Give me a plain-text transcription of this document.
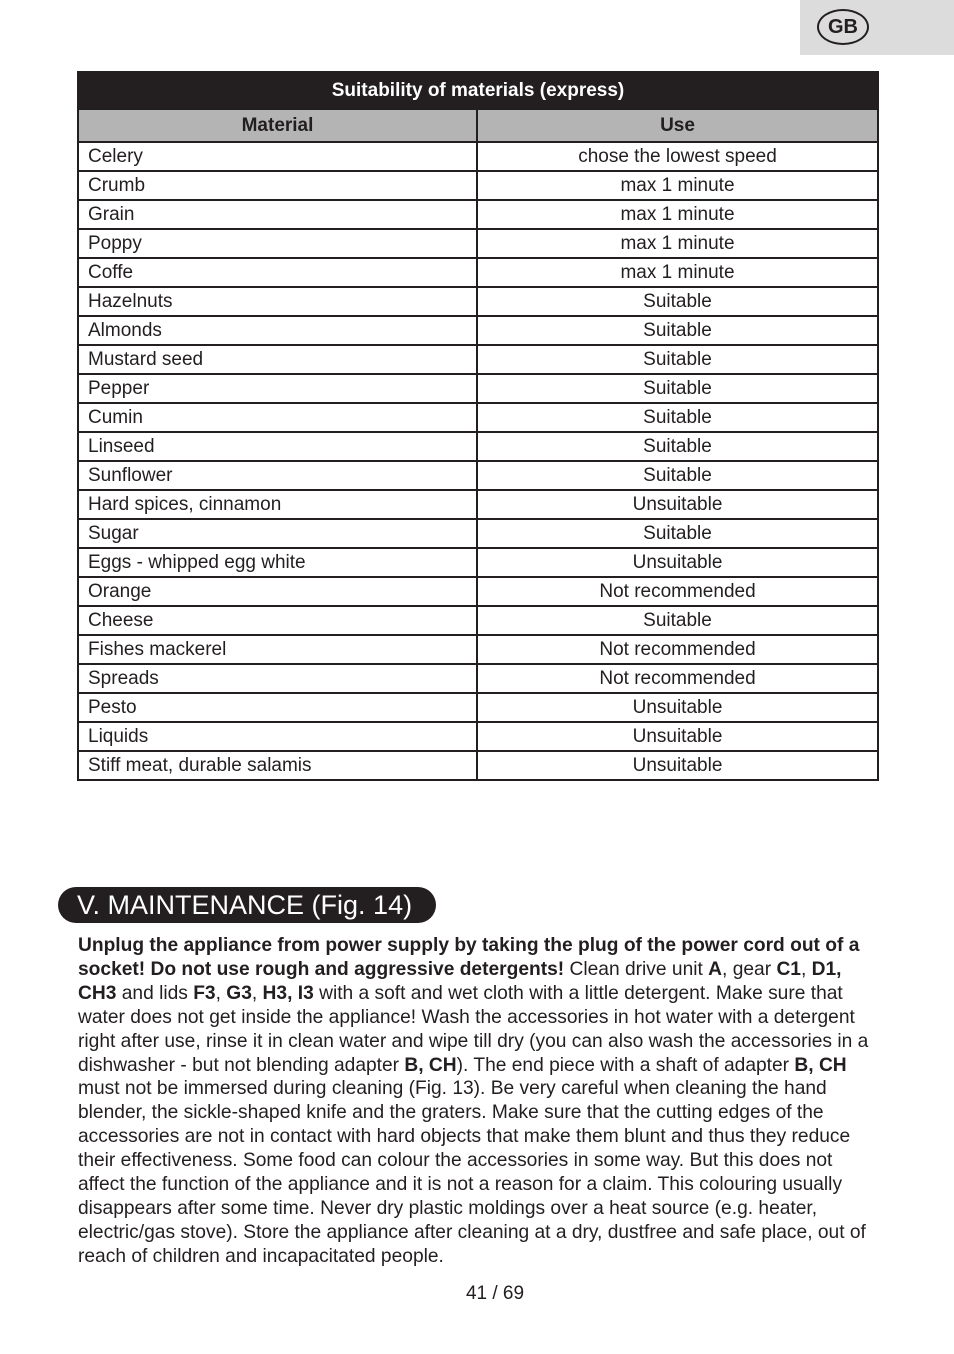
GB
Suitability of materials (express)	
Material	Use
Celery	chose the lowest speed
Crumb	max 1 minute
Grain	max 1 minute
Poppy	max 1 minute
Coffe	max 1 minute
Hazelnuts	Suitable
Almonds	Suitable
Mustard seed	Suitable
Pepper	Suitable
Cumin	Suitable
Linseed	Suitable
Sunflower	Suitable
Hard spices, cinnamon	Unsuitable
Sugar	Suitable
Eggs - whipped egg white	Unsuitable
Orange	Not recommended
Cheese	Suitable
Fishes mackerel	Not recommended
Spreads	Not recommended
Pesto	Unsuitable
Liquids	Unsuitable
Stiff meat, durable salamis	Unsuitable
V. MAINTENANCE (Fig. 14)

Unplug the appliance from power supply by taking the plug of the power cord out of a socket! Do not use rough and aggressive detergents! Clean drive unit A, gear C1, D1, CH3 and lids F3, G3, H3, I3 with a soft and wet cloth with a little detergent. Make sure that water does not get inside the appliance! Wash the accessories in hot water with a detergent right after use, rinse it in clean water and wipe till dry (you can also wash the accessories in a dishwasher - but not blending adapter B, CH). The end piece with a shaft of adapter B, CH must not be immersed during cleaning (Fig. 13). Be very careful when cleaning the hand blender, the sickle-shaped knife and the graters. Make sure that the cutting edges of the accessories are not in contact with hard objects that make them blunt and thus they reduce their effectiveness. Some food can colour the accessories in some way. But this does not affect the function of the appliance and it is not a reason for a claim. This colouring usually disappears after some time. Never dry plastic moldings over a heat source (e.g. heater, electric/gas stove). Store the appliance after cleaning at a dry, dustfree and safe place, out of reach of children and incapacitated people.

41 / 69
